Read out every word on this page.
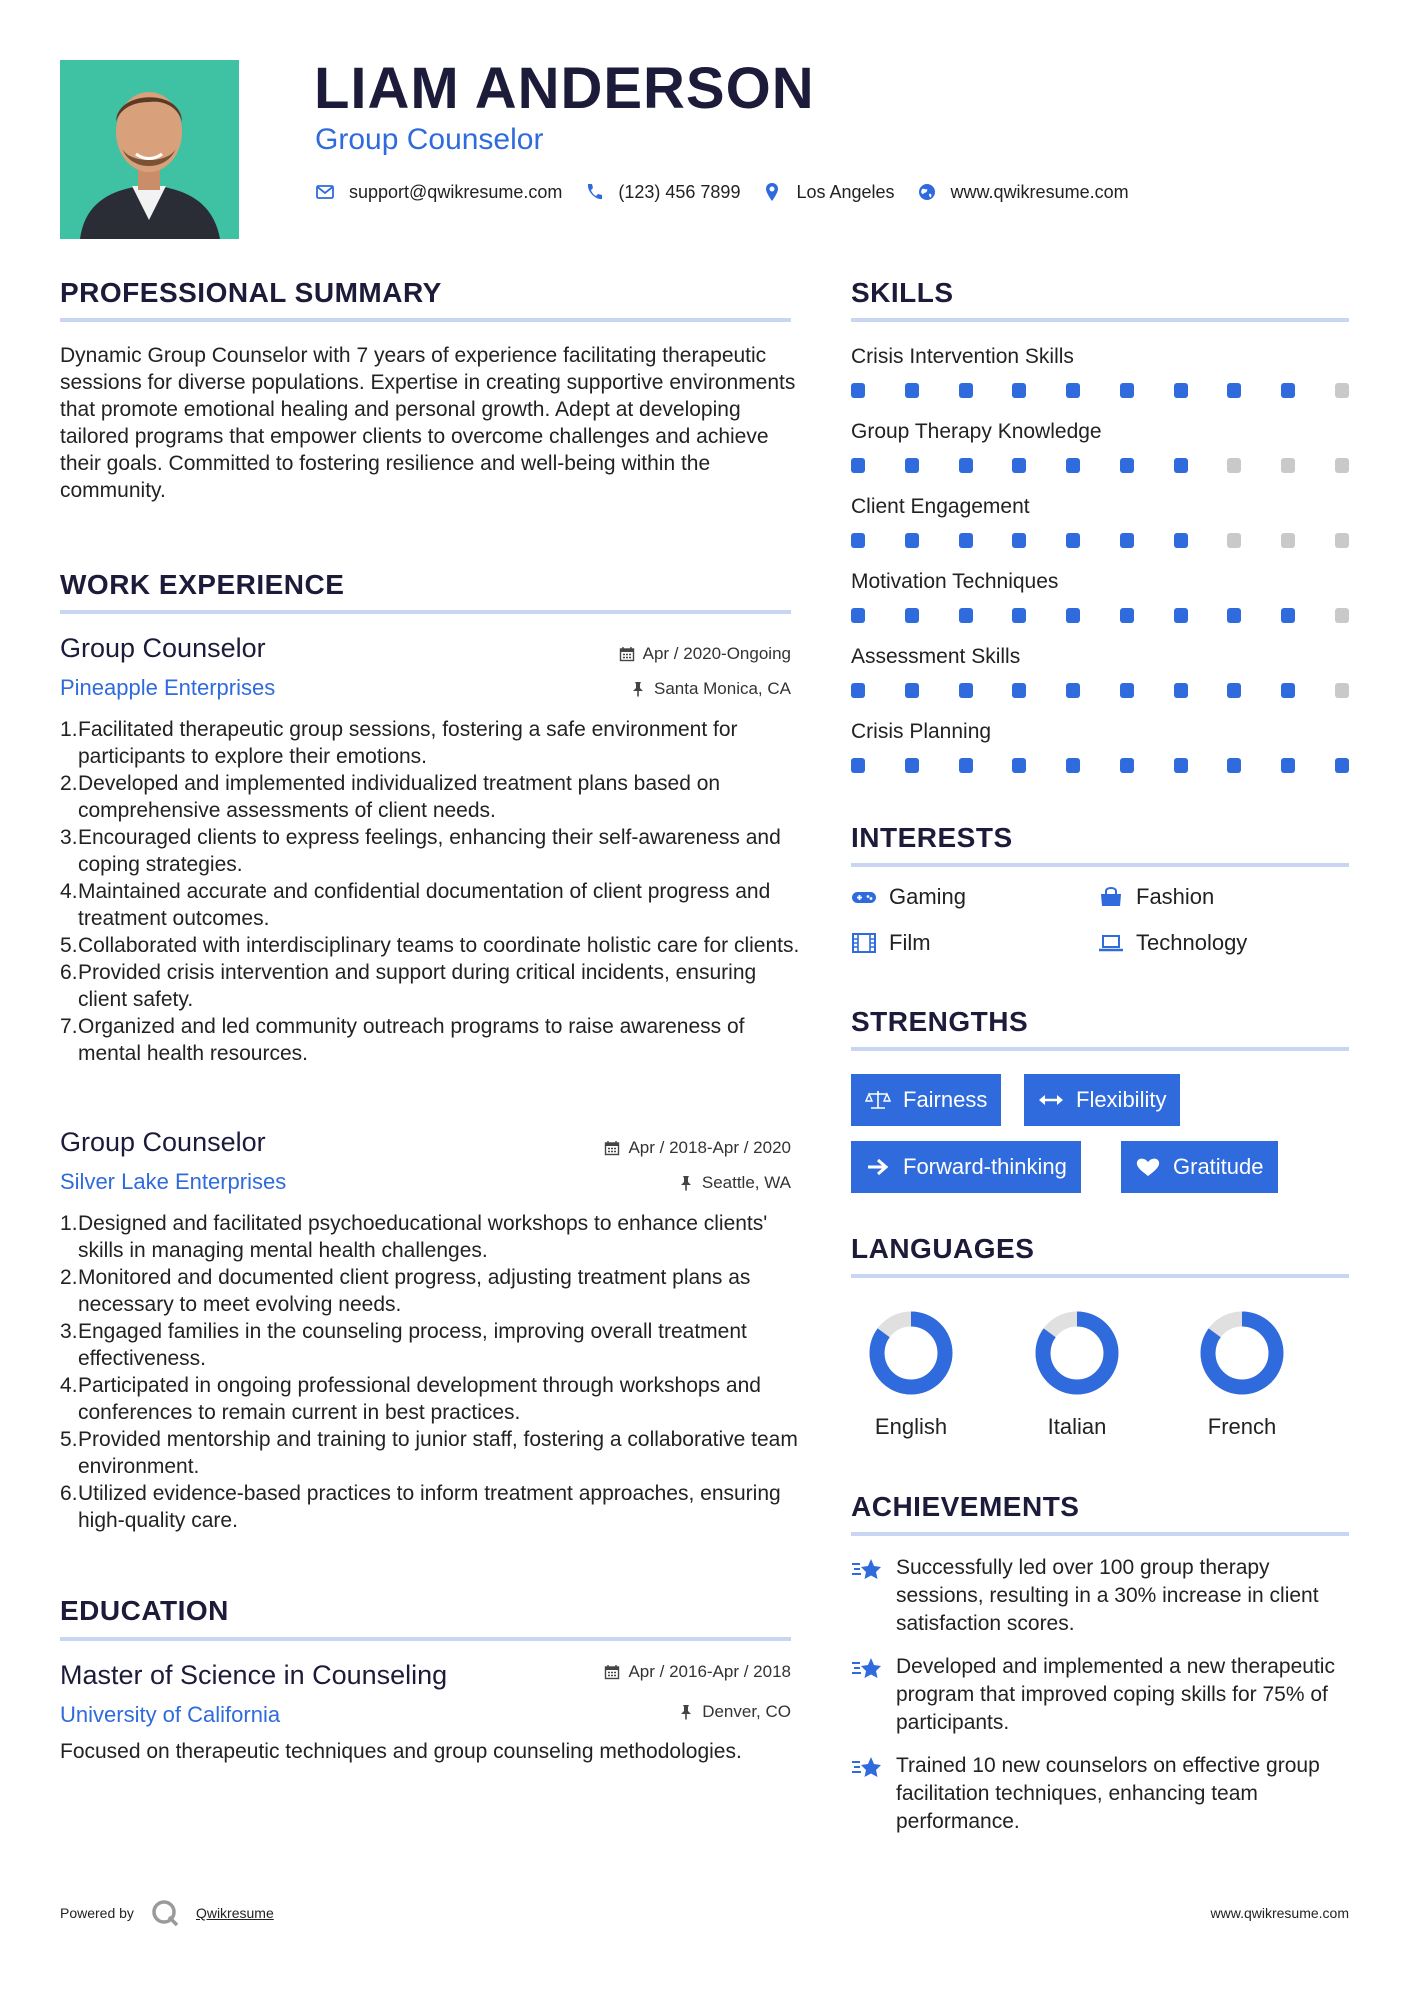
LIAM ANDERSON
Group Counselor
support@qwikresume.com	(123) 456 7899	Los Angeles	www.qwikresume.com
PROFESSIONAL SUMMARY
Dynamic Group Counselor with 7 years of experience facilitating therapeutic sessions for diverse populations. Expertise in creating supportive environments that promote emotional healing and personal growth. Adept at developing tailored programs that empower clients to overcome challenges and achieve their goals. Committed to fostering resilience and well-being within the community.
WORK EXPERIENCE
Group Counselor	Apr / 2020-Ongoing
Pineapple Enterprises	Santa Monica, CA
Facilitated therapeutic group sessions, fostering a safe environment for participants to explore their emotions.
Developed and implemented individualized treatment plans based on comprehensive assessments of client needs.
Encouraged clients to express feelings, enhancing their self-awareness and coping strategies.
Maintained accurate and confidential documentation of client progress and treatment outcomes.
Collaborated with interdisciplinary teams to coordinate holistic care for clients.
Provided crisis intervention and support during critical incidents, ensuring client safety.
Organized and led community outreach programs to raise awareness of mental health resources.
Group Counselor	Apr / 2018-Apr / 2020
Silver Lake Enterprises	Seattle, WA
Designed and facilitated psychoeducational workshops to enhance clients' skills in managing mental health challenges.
Monitored and documented client progress, adjusting treatment plans as necessary to meet evolving needs.
Engaged families in the counseling process, improving overall treatment effectiveness.
Participated in ongoing professional development through workshops and conferences to remain current in best practices.
Provided mentorship and training to junior staff, fostering a collaborative team environment.
Utilized evidence-based practices to inform treatment approaches, ensuring high-quality care.
EDUCATION
Master of Science in Counseling	Apr / 2016-Apr / 2018
University of California	Denver, CO
Focused on therapeutic techniques and group counseling methodologies.
SKILLS
Crisis Intervention Skills
Group Therapy Knowledge
Client Engagement
Motivation Techniques
Assessment Skills
Crisis Planning
INTERESTS
Gaming	Fashion
Film	Technology
STRENGTHS
Fairness	Flexibility
Forward-thinking	Gratitude
LANGUAGES
English	Italian	French
ACHIEVEMENTS
Successfully led over 100 group therapy sessions, resulting in a 30% increase in client satisfaction scores.
Developed and implemented a new therapeutic program that improved coping skills for 75% of participants.
Trained 10 new counselors on effective group facilitation techniques, enhancing team performance.
Powered by	Qwikresume	www.qwikresume.com
